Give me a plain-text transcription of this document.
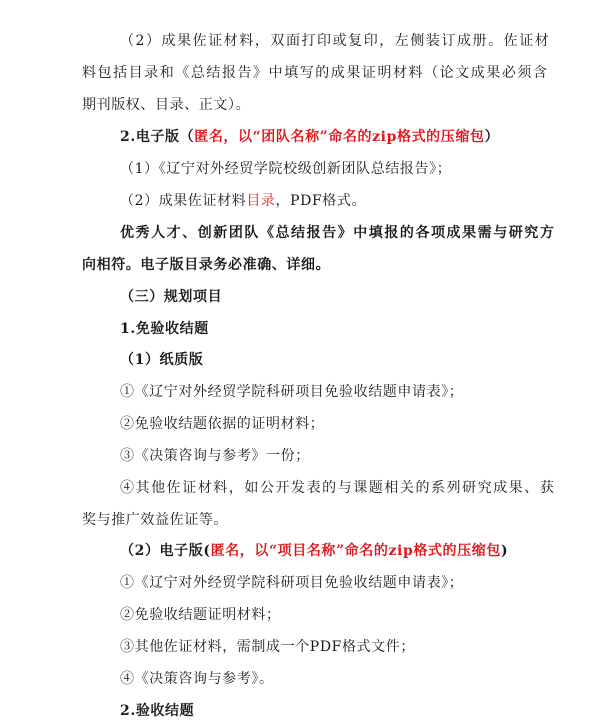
（2）成果佐证材料，双面打印或复印，左侧装订成册。佐证材
料包括目录和《总结报告》中填写的成果证明材料（论文成果必须含
期刊版权、目录、正文）。
2.电子版（匿名，以“团队名称”命名的zip格式的压缩包）
（1）《辽宁对外经贸学院校级创新团队总结报告》；
（2）成果佐证材料目录，PDF格式。
优秀人才、创新团队《总结报告》中填报的各项成果需与研究方
向相符。电子版目录务必准确、详细。
（三）规划项目
1.免验收结题
（1）纸质版
①《辽宁对外经贸学院科研项目免验收结题申请表》；
②免验收结题依据的证明材料；
③《决策咨询与参考》一份；
④其他佐证材料，如公开发表的与课题相关的系列研究成果、获
奖与推广效益佐证等。
（2）电子版(匿名，以“项目名称”命名的zip格式的压缩包)
①《辽宁对外经贸学院科研项目免验收结题申请表》；
②免验收结题证明材料；
③其他佐证材料，需制成一个PDF格式文件；
④《决策咨询与参考》。
2.验收结题
